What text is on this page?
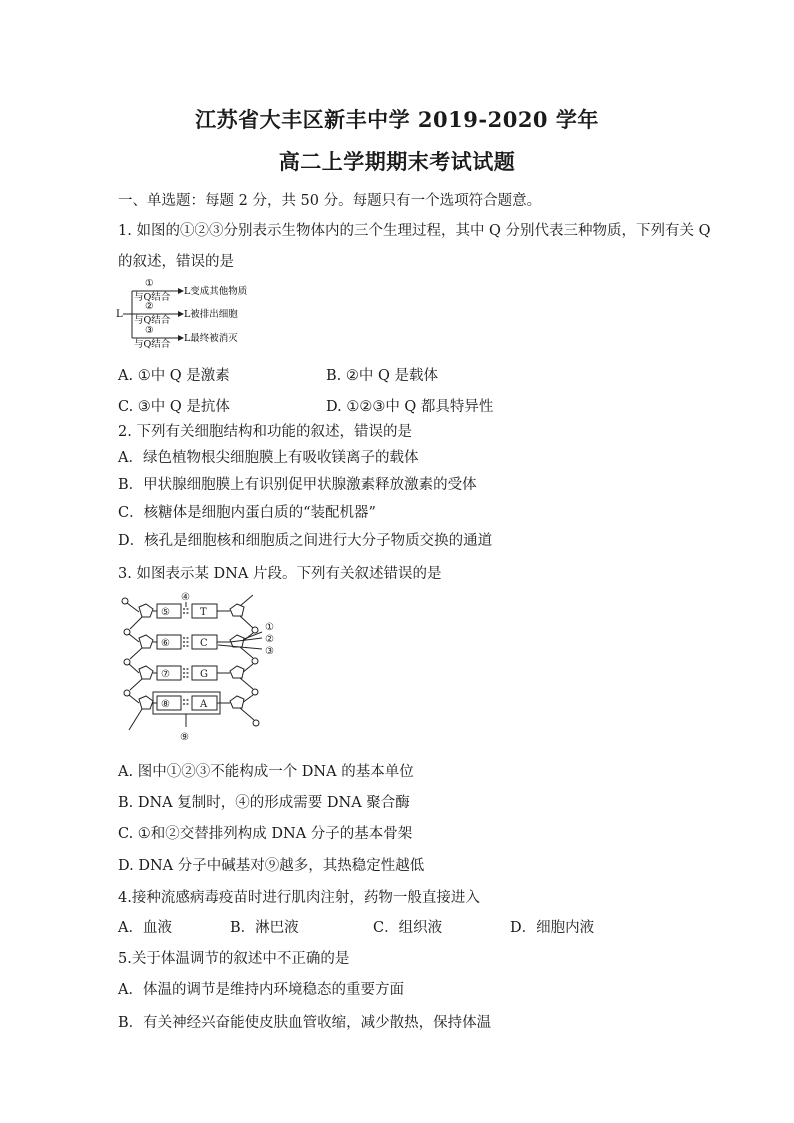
江苏省大丰区新丰中学 2019-2020 学年
高二上学期期末考试试题
一、单选题：每题 2 分，共 50 分。每题只有一个选项符合题意。
1. 如图的①②③分别表示生物体内的三个生理过程，其中 Q 分别代表三种物质，下列有关 Q
的叙述，错误的是
L
①
②
③
与Q结合
与Q结合
与Q结合
L变成其他物质
L被排出细胞
L最终被消灭
A. ①中 Q 是激素	B. ②中 Q 是载体
C. ③中 Q 是抗体	D. ①②③中 Q 都具特异性
2. 下列有关细胞结构和功能的叙述，错误的是
A．绿色植物根尖细胞膜上有吸收镁离子的载体
B．甲状腺细胞膜上有识别促甲状腺激素释放激素的受体
C．核糖体是细胞内蛋白质的“装配机器”
D．核孔是细胞核和细胞质之间进行大分子物质交换的通道
3. 如图表示某 DNA 片段。下列有关叙述错误的是
④
⑤
⑥
⑦
⑧
⑨
T
C
G
A
①
②
③
A. 图中①②③不能构成一个 DNA 的基本单位
B. DNA 复制时，④的形成需要 DNA 聚合酶
C. ①和②交替排列构成 DNA 分子的基本骨架
D. DNA 分子中碱基对⑨越多，其热稳定性越低
4.接种流感病毒疫苗时进行肌肉注射，药物一般直接进入
A．血液	B．淋巴液	C．组织液	D．细胞内液
5.关于体温调节的叙述中不正确的是
A．体温的调节是维持内环境稳态的重要方面
B．有关神经兴奋能使皮肤血管收缩，减少散热，保持体温
